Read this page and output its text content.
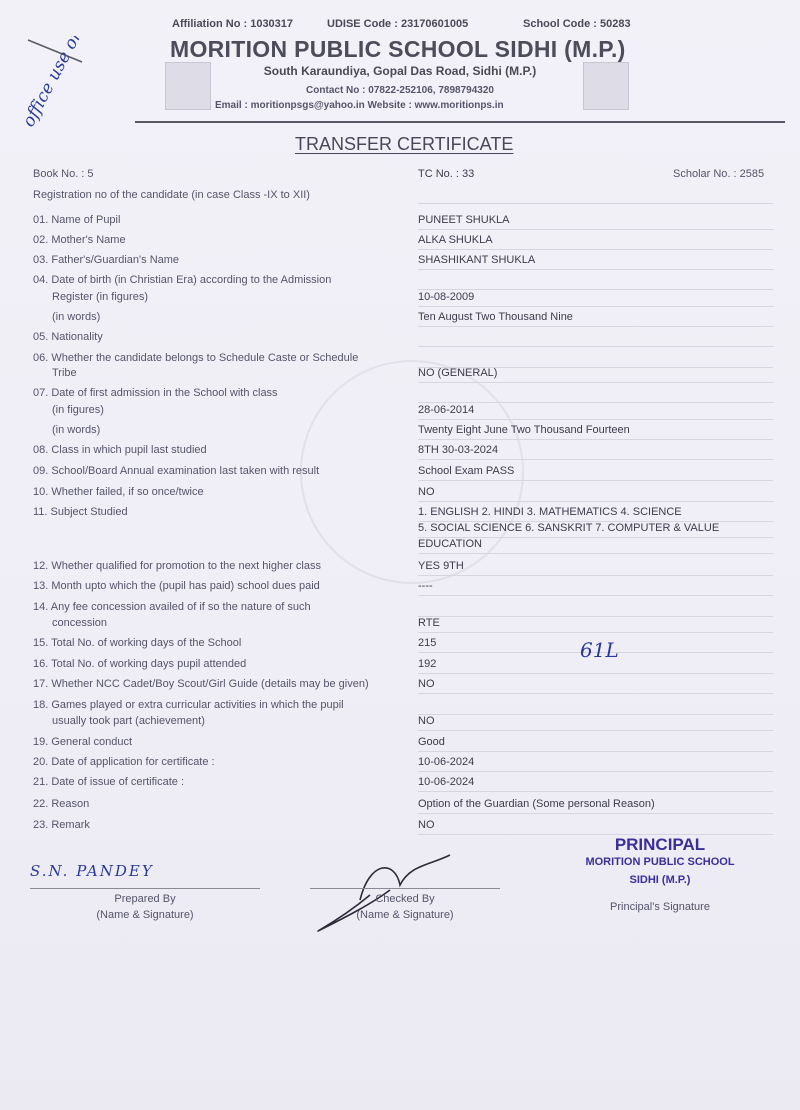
Affiliation No : 1030317	UDISE Code : 23170601005	School Code : 50283
MORITION PUBLIC SCHOOL SIDHI (M.P.)
South Karaundiya, Gopal Das Road, Sidhi (M.P.)
Contact No : 07822-252106, 7898794320
Email : moritionpsgs@yahoo.in Website : www.moritionps.in
office use only
TRANSFER CERTIFICATE
Book No. : 5	TC No. : 33	Scholar No. : 2585
Registration no of the candidate (in case Class -IX to XII)
01. Name of Pupil	PUNEET SHUKLA
02. Mother's Name	ALKA SHUKLA
03. Father's/Guardian's Name	SHASHIKANT SHUKLA
04. Date of birth (in Christian Era) according to the Admission
Register (in figures)	10-08-2009
(in words)	Ten August Two Thousand Nine
05. Nationality
06. Whether the candidate belongs to Schedule Caste or Schedule
Tribe	NO (GENERAL)
07. Date of first admission in the School with class
(in figures)	28-06-2014
(in words)	Twenty Eight June Two Thousand Fourteen
08. Class in which pupil last studied	8TH 30-03-2024
09. School/Board Annual examination last taken with result	School Exam PASS
10. Whether failed, if so once/twice	NO
11. Subject Studied	1. ENGLISH 2. HINDI 3. MATHEMATICS 4. SCIENCE
5. SOCIAL SCIENCE 6. SANSKRIT 7. COMPUTER & VALUE
EDUCATION
12. Whether qualified for promotion to the next higher class	YES 9TH
13. Month upto which the (pupil has paid) school dues paid	----
14. Any fee concession availed of if so the nature of such
concession	RTE
15. Total No. of working days of the School	215
16. Total No. of working days pupil attended	192
17. Whether NCC Cadet/Boy Scout/Girl Guide (details may be given)	NO
18. Games played or extra curricular activities in which the pupil
usually took part (achievement)	NO
19. General conduct	Good
20. Date of application for certificate :	10-06-2024
21. Date of issue of certificate :	10-06-2024
22. Reason	Option of the Guardian (Some personal Reason)
23. Remark	NO
61L
S.N. PANDEY
Prepared By
(Name & Signature)
Checked By
(Name & Signature)
PRINCIPAL
MORITION PUBLIC SCHOOL
SIDHI (M.P.)
Principal's Signature
